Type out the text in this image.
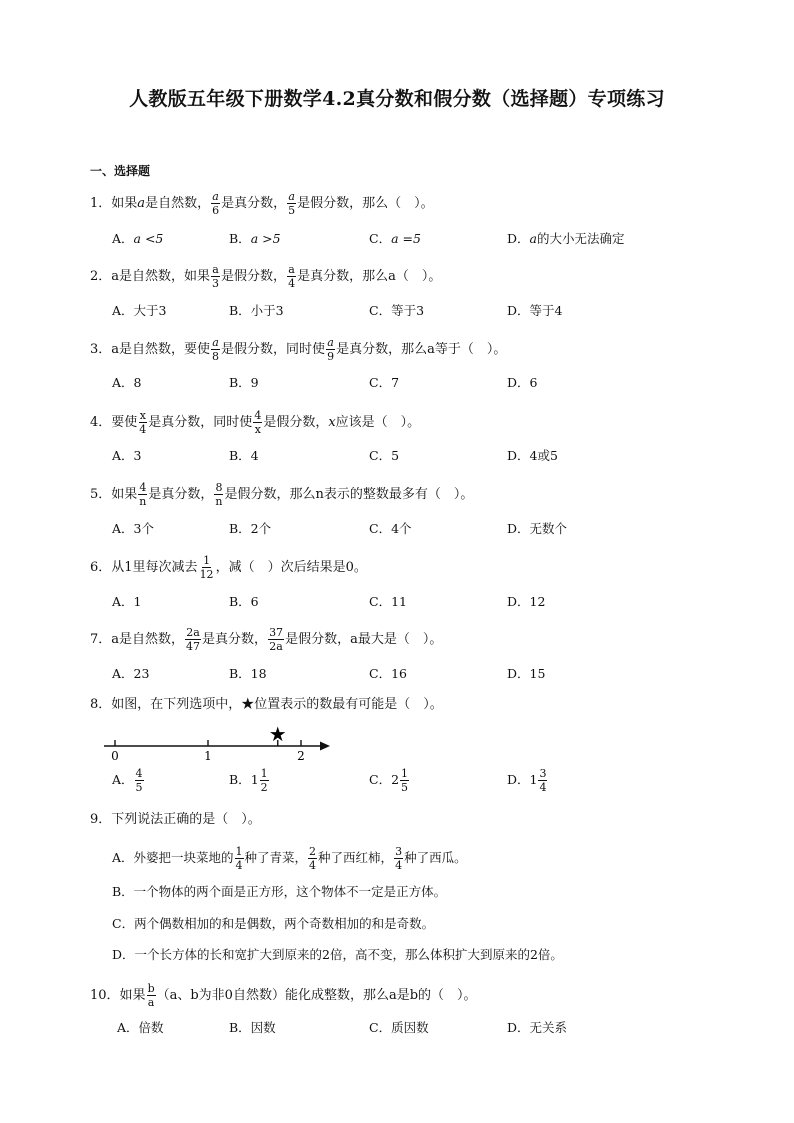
人教版五年级下册数学4.2真分数和假分数（选择题）专项练习
一、选择题
1．如果a是自然数， $\frac{a}{6}$ 是真分数， $\frac{a}{5}$ 是假分数，那么（　）。
A．a <5	B．a >5	C．a =5	D．a的大小无法确定
2．a是自然数，如果 $\frac{a}{3}$ 是假分数， $\frac{a}{4}$ 是真分数，那么a（　）。
A．大于3	B．小于3	C．等于3	D．等于4
3．a是自然数，要使 $\frac{a}{8}$ 是假分数，同时使 $\frac{a}{9}$ 是真分数，那么a等于（　）。
A．8	B．9	C．7	D．6
4．要使 $\frac{x}{4}$ 是真分数，同时使 $\frac{4}{x}$ 是假分数，x应该是（　）。
A．3	B．4	C．5	D．4或5
5．如果 $\frac{4}{n}$ 是真分数， $\frac{8}{n}$ 是假分数，那么n表示的整数最多有（　）。
A．3个	B．2个	C．4个	D．无数个
6．从1里每次减去 $\frac{1}{12}$ ，减（　）次后结果是0。
A．1	B．6	C．11	D．12
7．a是自然数， $\frac{2a}{47}$ 是真分数， $\frac{37}{2a}$ 是假分数，a最大是（　）。
A．23	B．18	C．16	D．15
8．如图，在下列选项中，★位置表示的数最有可能是（　）。
0	1	2
★
A． $\frac{4}{5}$	B．$1 \frac{1}{2}$	C．$2 \frac{1}{5}$	D．$1 \frac{3}{4}$
9．下列说法正确的是（　）。
A．外婆把一块菜地的 $\frac{1}{4}$ 种了青菜， $\frac{2}{4}$ 种了西红柿， $\frac{3}{4}$ 种了西瓜。
B．一个物体的两个面是正方形，这个物体不一定是正方体。
C．两个偶数相加的和是偶数，两个奇数相加的和是奇数。
D．一个长方体的长和宽扩大到原来的2倍，高不变，那么体积扩大到原来的2倍。
10．如果 $\frac{b}{a} (a$、b为非0自然数）能化成整数，那么a是b的（　）。
A．倍数	B．因数	C．质因数	D．无关系
